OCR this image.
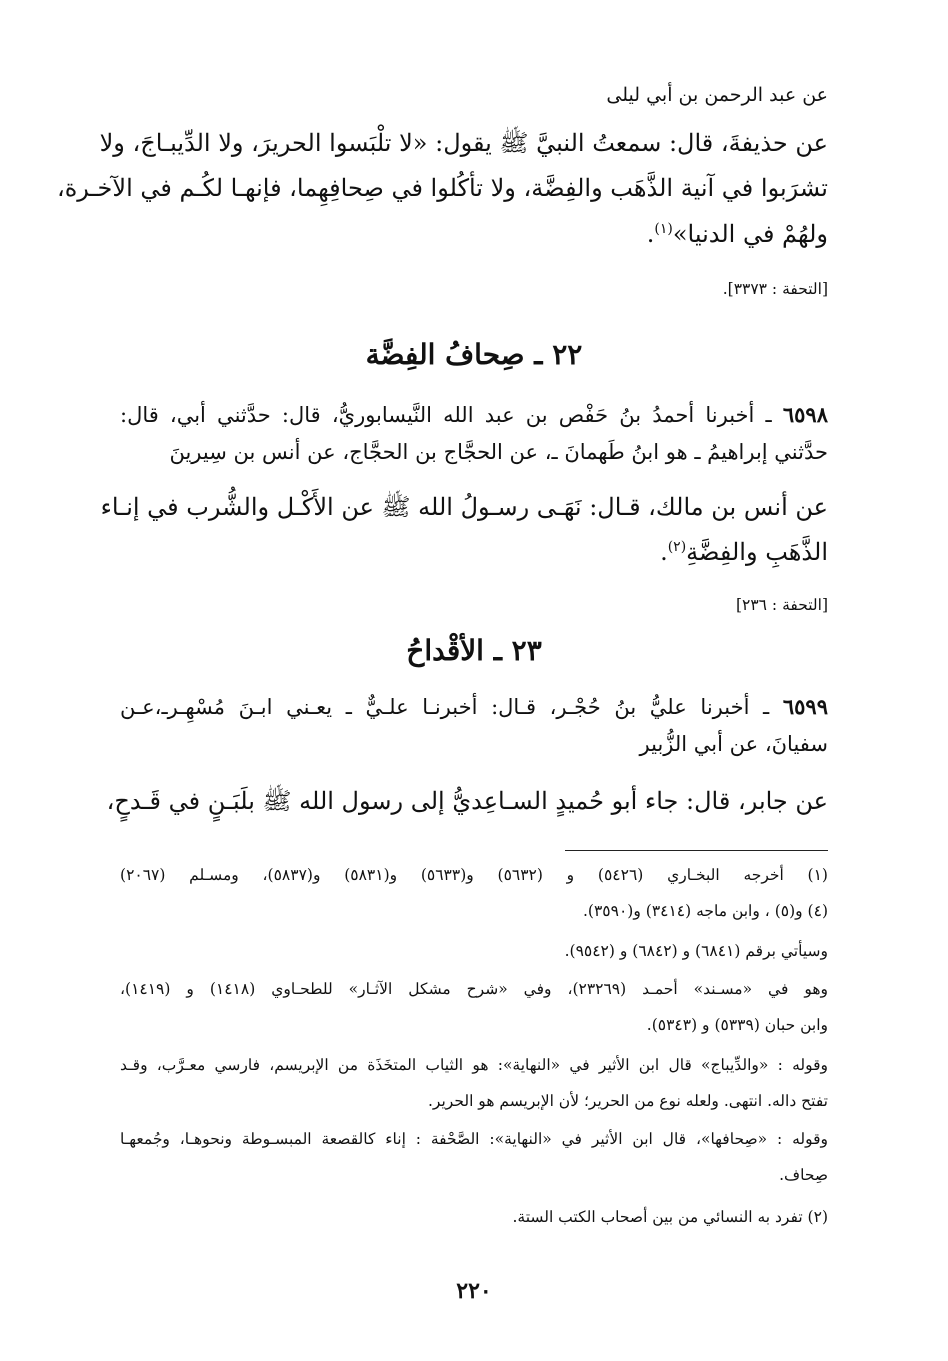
عن عبد الرحمن بن أبي ليلى
عن حذيفةَ، قال: سمعتُ النبيَّ ﷺ يقول: «لا تلْبَسوا الحريرَ، ولا الدِّيبـاجَ، ولا
تشرَبوا في آنية الذَّهَب والفِضَّة، ولا تأكُلوا في صِحافِهِما، فإنهـا لكُـم في الآخـرة،
ولهُمْ في الدنيا»$^{(١)}$.
[التحفة : ٣٣٧٣].
٢٢ ـ صِحافُ الفِضَّة
٦٥٩٨ ـ أخبرنا أحمدُ بنُ حَفْص بن عبد الله النَّيسابوريُّ، قال: حدَّثني أبي، قال:
حدَّثني إبراهيمُ ـ هو ابنُ طَهمانَ ـ، عن الحجَّاج بن الحجَّاج، عن أنس بن سِيرينَ
عن أنس بن مالك، قـال: نَهَـى رسـولُ الله ﷺ عن الأَكْـل والشُّرب في إنـاء
الذَّهَبِ والفِضَّةِ$^{(٢)}$.
[التحفة : ٢٣٦]
٢٣ ـ الأقْداحُ
٦٥٩٩ ـ أخبرنا عليُّ بنُ حُجْـر، قـال: أخبرنـا علـيٌّ ـ يعـني ابـنَ مُسْهِـرـ،عـن
سفيانَ، عن أبي الزُّبير
عن جابر، قال: جاء أبو حُميدٍ السـاعِديُّ إلى رسول الله ﷺ بلَبَـنٍ في قَـدحٍ،
(١) أخرجه البخـاري (٥٤٢٦) و (٥٦٣٢) و(٥٦٣٣) و(٥٨٣١) و(٥٨٣٧)، ومسـلم (٢٠٦٧)
(٤) و(٥) ، وابن ماجه (٣٤١٤) و(٣٥٩٠).
وسيأتي برقم (٦٨٤١) و (٦٨٤٢) و (٩٥٤٢).
وهو في «مسـند» أحمـد (٢٣٢٦٩)، وفي «شرح مشكل الآثـار» للطحـاوي (١٤١٨) و (١٤١٩)،
وابن حبان (٥٣٣٩) و (٥٣٤٣).
وقوله : «والدِّيباج» قال ابن الأثير في «النهاية»: هو الثياب المتخَذَة من الإبريسم، فارسي معـرَّب، وقـد
تفتح داله. انتهى. ولعله نوع من الحرير؛ لأن الإبريسم هو الحرير.
وقوله : «صِحافها»، قال ابن الأثير في «النهاية»: الصَّحْفة : إناء كالقصعة المبسـوطة ونحوهـا، وجُمعهـا
صِحاف.
(٢) تفرد به النسائي من بين أصحاب الكتب الستة.
٢٢٠
